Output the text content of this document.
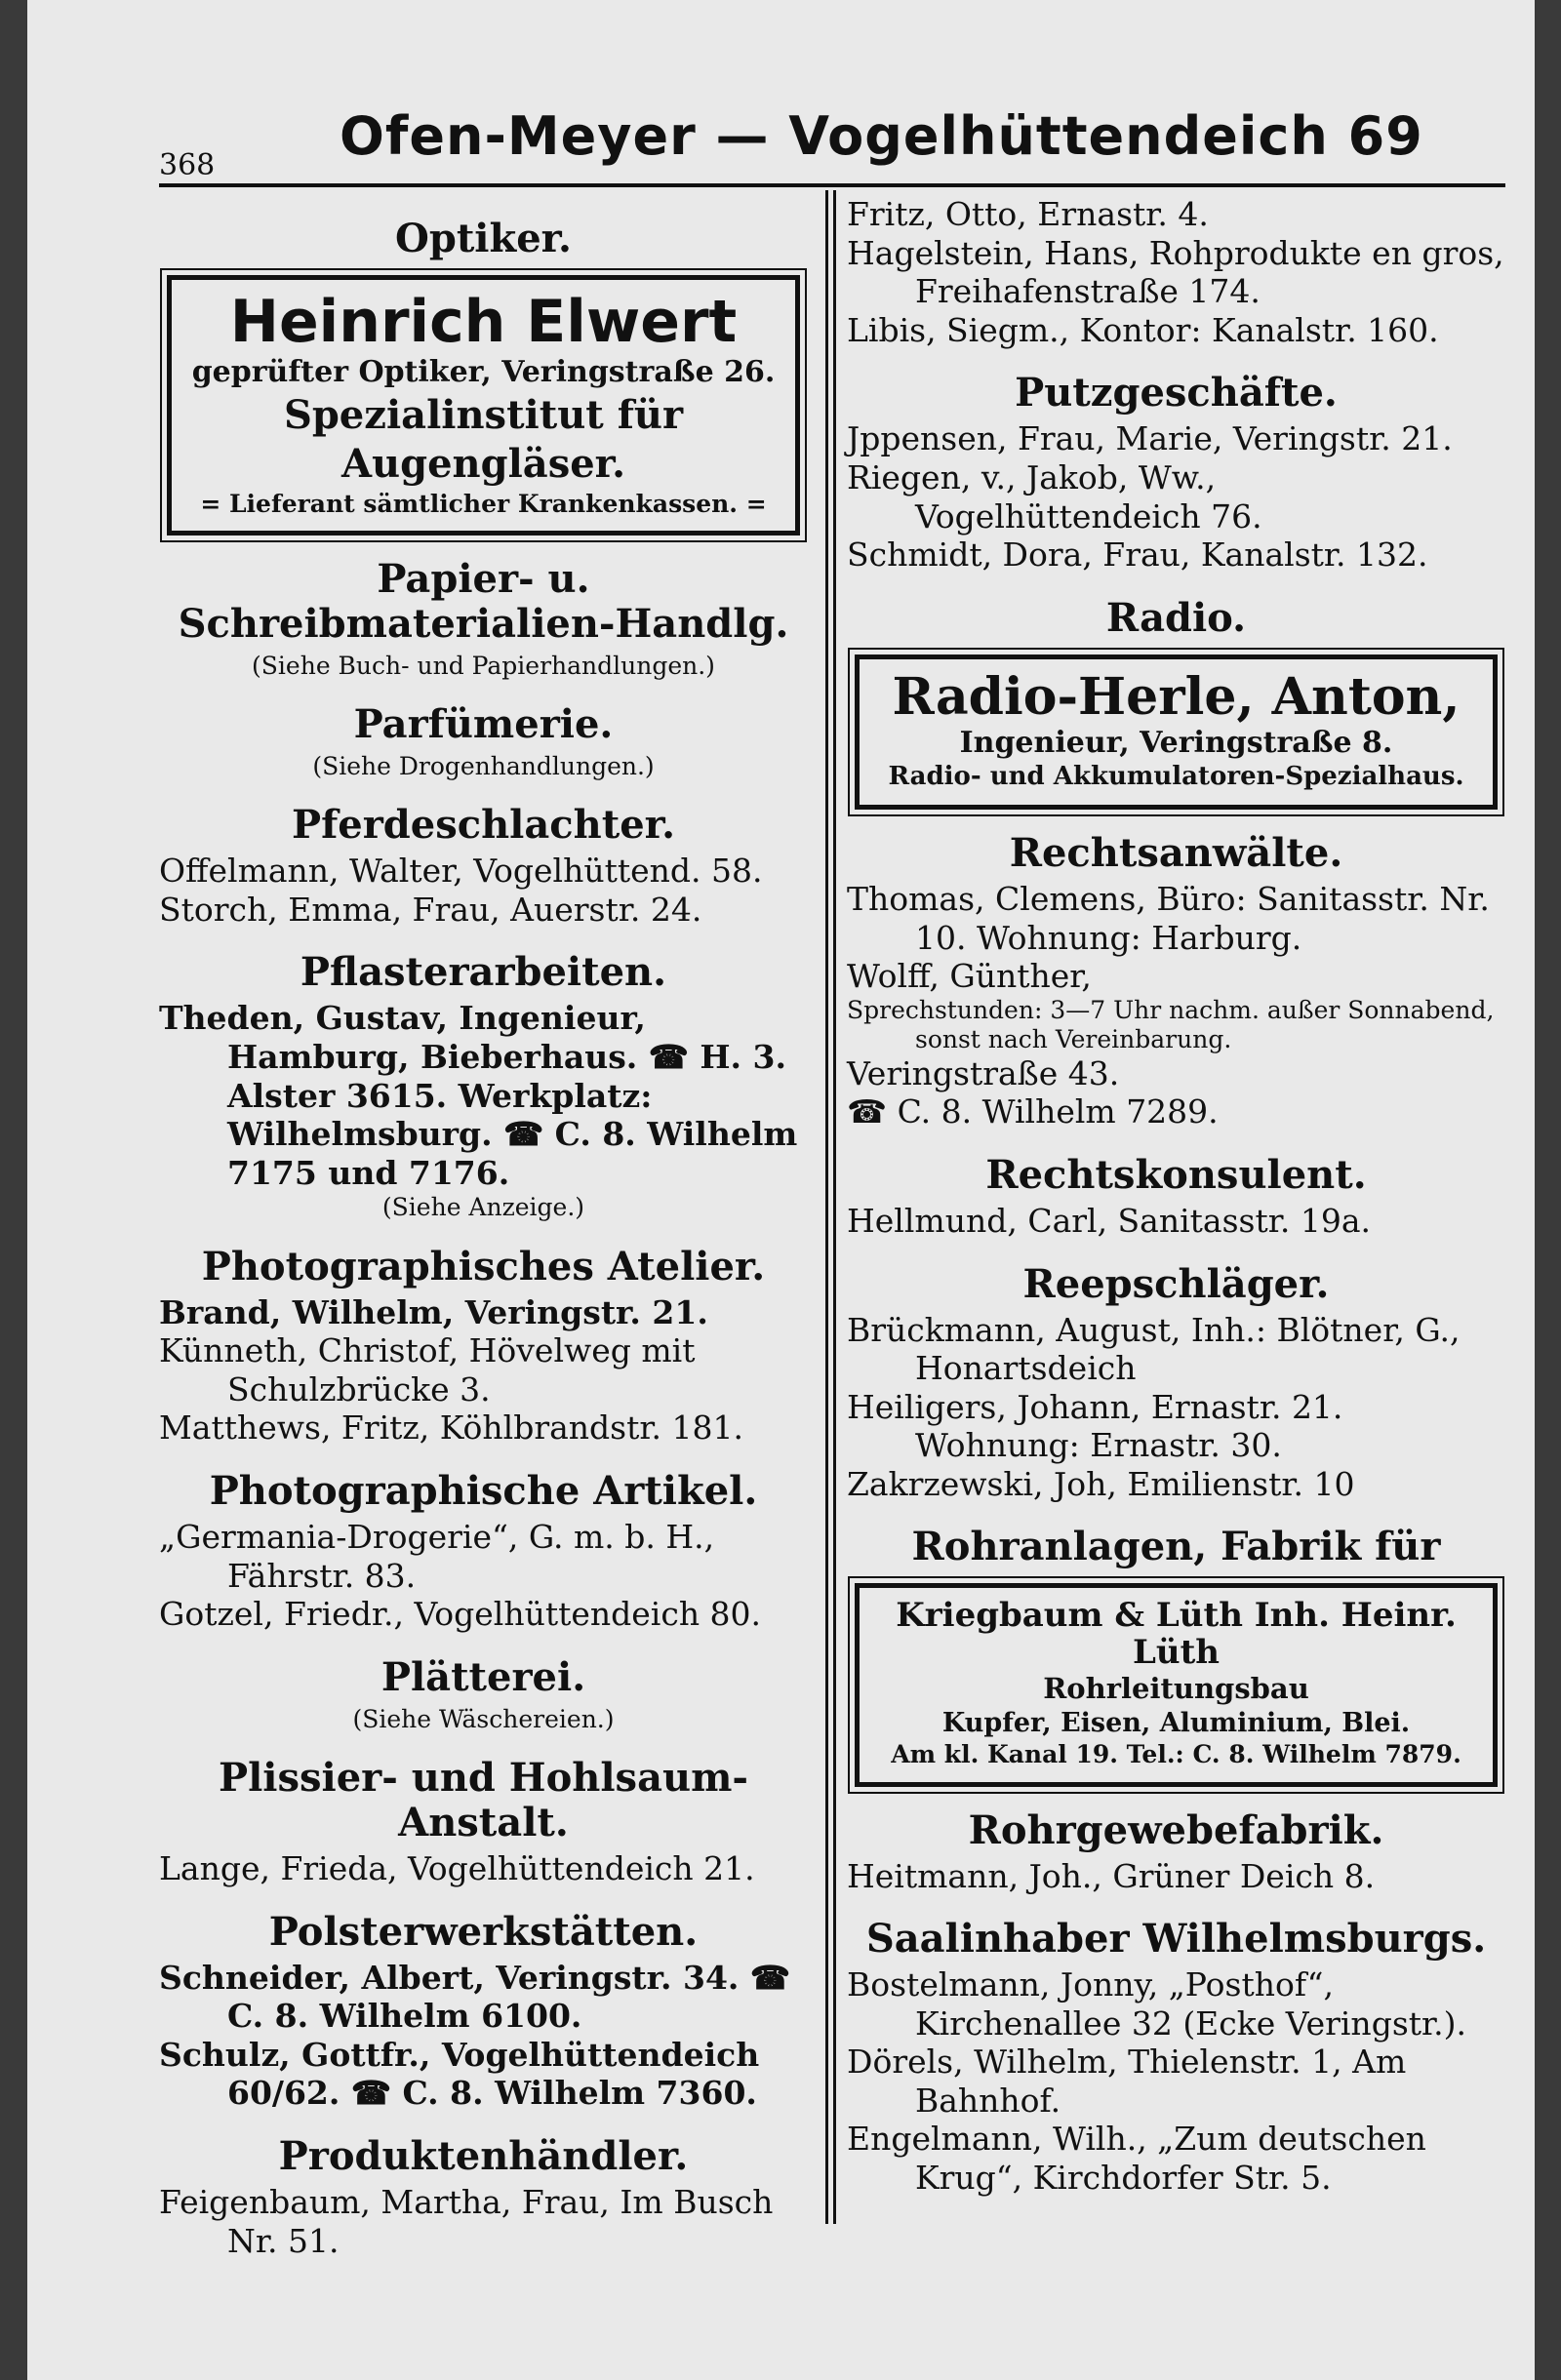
368 Ofen-Meyer — Vogelhüttendeich 69
Optiker.
Heinrich Elwert
geprüfter Optiker, Veringstraße 26.
Spezialinstitut für Augengläser.
= Lieferant sämtlicher Krankenkassen. =
Papier- u. Schreibmaterialien-Handlg.
(Siehe Buch- und Papierhandlungen.)
Parfümerie.
(Siehe Drogenhandlungen.)
Pferdeschlachter.
Offelmann, Walter, Vogelhüttend. 58.
Storch, Emma, Frau, Auerstr. 24.
Pflasterarbeiten.
Theden, Gustav, Ingenieur, Hamburg, Bieberhaus. ☎ H. 3. Alster 3615. Werkplatz: Wilhelmsburg. ☎ C. 8. Wilhelm 7175 und 7176.
(Siehe Anzeige.)
Photographisches Atelier.
Brand, Wilhelm, Veringstr. 21.
Künneth, Christof, Hövelweg mit Schulzbrücke 3.
Matthews, Fritz, Köhlbrandstr. 181.
Photographische Artikel.
„Germania-Drogerie“, G. m. b. H., Fährstr. 83.
Gotzel, Friedr., Vogelhüttendeich 80.
Plätterei.
(Siehe Wäschereien.)
Plissier- und Hohlsaum-Anstalt.
Lange, Frieda, Vogelhüttendeich 21.
Polsterwerkstätten.
Schneider, Albert, Veringstr. 34. ☎ C. 8. Wilhelm 6100.
Schulz, Gottfr., Vogelhüttendeich 60/62. ☎ C. 8. Wilhelm 7360.
Produktenhändler.
Feigenbaum, Martha, Frau, Im Busch Nr. 51.
Fritz, Otto, Ernastr. 4.
Hagelstein, Hans, Rohprodukte en gros, Freihafenstraße 174.
Libis, Siegm., Kontor: Kanalstr. 160.
Putzgeschäfte.
Jppensen, Frau, Marie, Veringstr. 21.
Riegen, v., Jakob, Ww., Vogelhüttendeich 76.
Schmidt, Dora, Frau, Kanalstr. 132.
Radio.
Radio-Herle, Anton,
Ingenieur, Veringstraße 8.
Radio- und Akkumulatoren-Spezialhaus.
Rechtsanwälte.
Thomas, Clemens, Büro: Sanitasstr. Nr. 10. Wohnung: Harburg.
Wolff, Günther,
Sprechstunden: 3—7 Uhr nachm. außer Sonnabend, sonst nach Vereinbarung.
Veringstraße 43.
☎ C. 8. Wilhelm 7289.
Rechtskonsulent.
Hellmund, Carl, Sanitasstr. 19a.
Reepschläger.
Brückmann, August, Inh.: Blötner, G., Honartsdeich
Heiligers, Johann, Ernastr. 21. Wohnung: Ernastr. 30.
Zakrzewski, Joh, Emilienstr. 10
Rohranlagen, Fabrik für
Kriegbaum & Lüth Inh. Heinr. Lüth
Rohrleitungsbau
Kupfer, Eisen, Aluminium, Blei.
Am kl. Kanal 19. Tel.: C. 8. Wilhelm 7879.
Rohrgewebefabrik.
Heitmann, Joh., Grüner Deich 8.
Saalinhaber Wilhelmsburgs.
Bostelmann, Jonny, „Posthof“, Kirchenallee 32 (Ecke Veringstr.).
Dörels, Wilhelm, Thielenstr. 1, Am Bahnhof.
Engelmann, Wilh., „Zum deutschen Krug“, Kirchdorfer Str. 5.
